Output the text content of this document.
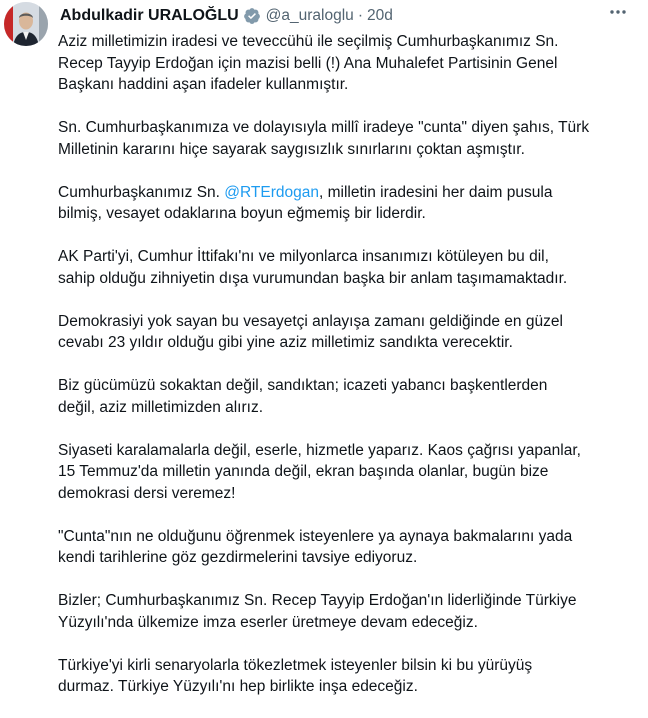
Abdulkadir URALOĞLU @a_uraloglu · 20d

Aziz milletimizin iradesi ve teveccühü ile seçilmiş Cumhurbaşkanımız Sn.
Recep Tayyip Erdoğan için mazisi belli (!) Ana Muhalefet Partisinin Genel
Başkanı haddini aşan ifadeler kullanmıştır.

Sn. Cumhurbaşkanımıza ve dolayısıyla millî iradeye "cunta" diyen şahıs, Türk
Milletinin kararını hiçe sayarak saygısızlık sınırlarını çoktan aşmıştır.

Cumhurbaşkanımız Sn. @RTErdogan, milletin iradesini her daim pusula
bilmiş, vesayet odaklarına boyun eğmemiş bir liderdir.

AK Parti'yi, Cumhur İttifakı'nı ve milyonlarca insanımızı kötüleyen bu dil,
sahip olduğu zihniyetin dışa vurumundan başka bir anlam taşımamaktadır.

Demokrasiyi yok sayan bu vesayetçi anlayışa zamanı geldiğinde en güzel
cevabı 23 yıldır olduğu gibi yine aziz milletimiz sandıkta verecektir.

Biz gücümüzü sokaktan değil, sandıktan; icazeti yabancı başkentlerden
değil, aziz milletimizden alırız.

Siyaseti karalamalarla değil, eserle, hizmetle yaparız. Kaos çağrısı yapanlar,
15 Temmuz'da milletin yanında değil, ekran başında olanlar, bugün bize
demokrasi dersi veremez!

"Cunta"nın ne olduğunu öğrenmek isteyenlere ya aynaya bakmalarını yada
kendi tarihlerine göz gezdirmelerini tavsiye ediyoruz.

Bizler; Cumhurbaşkanımız Sn. Recep Tayyip Erdoğan'ın liderliğinde Türkiye
Yüzyılı'nda ülkemize imza eserler üretmeye devam edeceğiz.

Türkiye'yi kirli senaryolarla tökezletmek isteyenler bilsin ki bu yürüyüş
durmaz. Türkiye Yüzyılı'nı hep birlikte inşa edeceğiz.
